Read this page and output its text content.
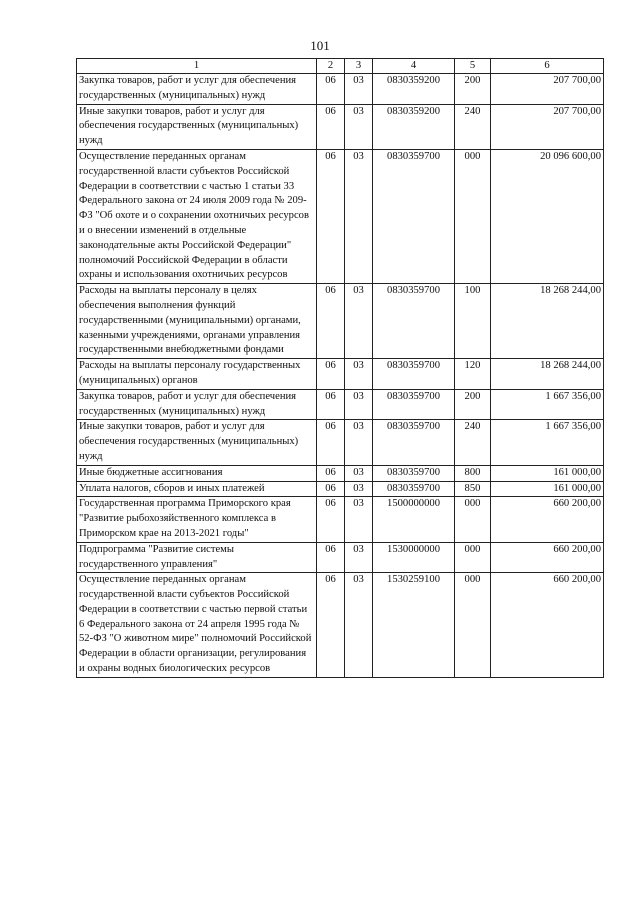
101
1	2	3	4	5	6
Закупка товаров, работ и услуг для обеспечения государственных (муниципальных) нужд	06	03	0830359200	200	207 700,00
Иные закупки товаров, работ и услуг для обеспечения государственных (муниципальных) нужд	06	03	0830359200	240	207 700,00
Осуществление переданных органам государственной власти субъектов Российской Федерации в соответствии с частью 1 статьи 33 Федерального закона от 24 июля 2009 года № 209-ФЗ "Об охоте и о сохранении охотничьих ресурсов и о внесении изменений в отдельные законодательные акты Российской Федерации" полномочий Российской Федерации в области охраны и использования охотничьих ресурсов	06	03	0830359700	000	20 096 600,00
Расходы на выплаты персоналу в целях обеспечения выполнения функций государственными (муниципальными) органами, казенными учреждениями, органами управления государственными внебюджетными фондами	06	03	0830359700	100	18 268 244,00
Расходы на выплаты персоналу государственных (муниципальных) органов	06	03	0830359700	120	18 268 244,00
Закупка товаров, работ и услуг для обеспечения государственных (муниципальных) нужд	06	03	0830359700	200	1 667 356,00
Иные закупки товаров, работ и услуг для обеспечения государственных (муниципальных) нужд	06	03	0830359700	240	1 667 356,00
Иные бюджетные ассигнования	06	03	0830359700	800	161 000,00
Уплата налогов, сборов и иных платежей	06	03	0830359700	850	161 000,00
Государственная программа Приморского края "Развитие рыбохозяйственного комплекса в Приморском крае на 2013-2021 годы"	06	03	1500000000	000	660 200,00
Подпрограмма "Развитие системы государственного управления"	06	03	1530000000	000	660 200,00
Осуществление переданных органам государственной власти субъектов Российской Федерации в соответствии с частью первой статьи 6 Федерального закона от 24 апреля 1995 года № 52-ФЗ "О животном мире" полномочий Российской Федерации в области организации, регулирования и охраны водных биологических ресурсов	06	03	1530259100	000	660 200,00
